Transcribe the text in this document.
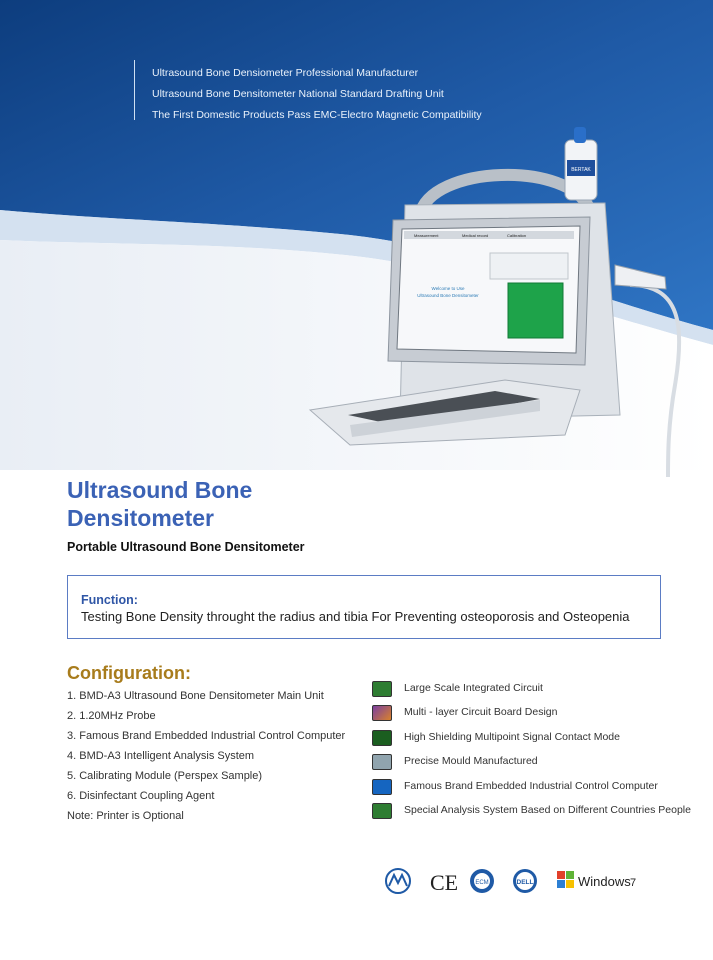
Ultrasound Bone Densiometer Professional Manufacturer
Ultrasound Bone Densitometer National Standard Drafting Unit
The First Domestic Products Pass EMC-Electro Magnetic Compatibility
BERTAK
Measurement	Medical record	Calibration
Welcome to Use
Ultrasound Bone Densitometer
Ultrasound Bone Densitometer
Portable Ultrasound Bone Densitometer
Function:
Testing Bone Density throught the radius and tibia For Preventing osteoporosis and Osteopenia
Configuration:
1. BMD-A3 Ultrasound Bone Densitometer Main Unit
2. 1.20MHz Probe
3. Famous Brand Embedded Industrial Control Computer
4. BMD-A3 Intelligent Analysis System
5. Calibrating Module (Perspex Sample)
6. Disinfectant Coupling Agent
Note: Printer is Optional
Large Scale Integrated Circuit
Multi - layer Circuit Board Design
High Shielding Multipoint Signal Contact Mode
Precise Mould Manufactured
Famous Brand Embedded Industrial Control Computer
Special Analysis System Based on Different Countries People
CE	ECM	DELL	Windows 7
